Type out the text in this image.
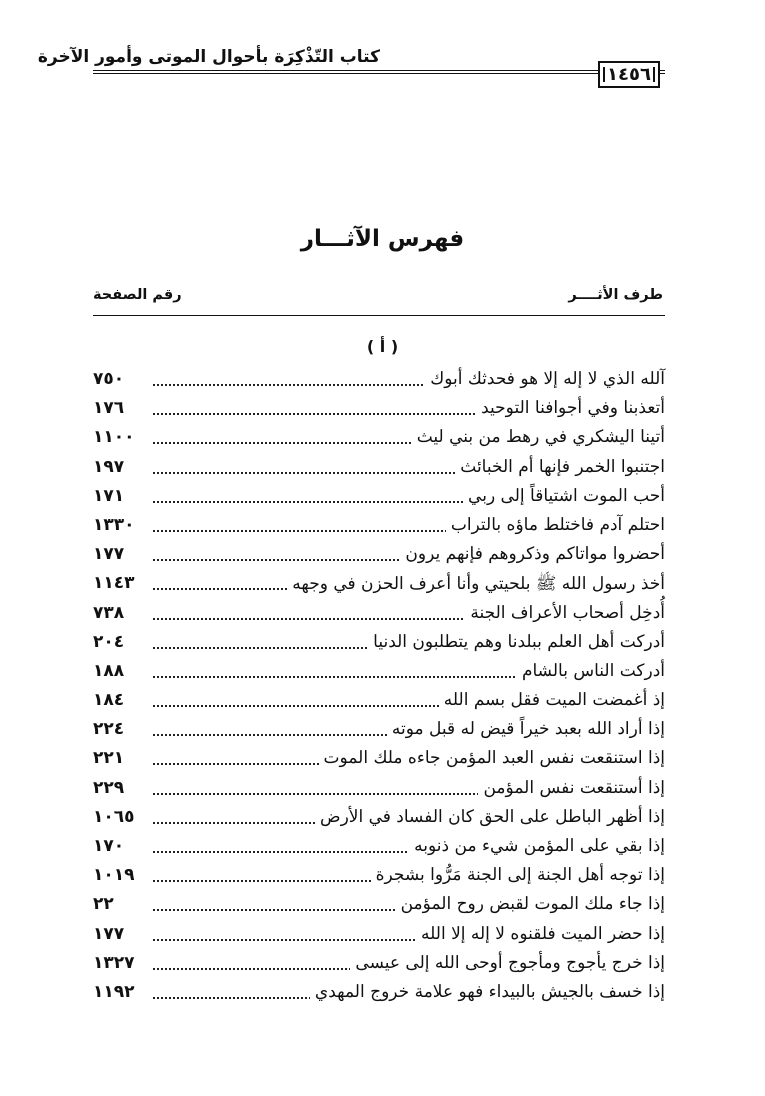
كتاب التّذْكِرَة بأحوال الموتى وأمور الآخرة
١٤٥٦
فهرس الآثـــار
طرف الأثــــر
رقم الصفحة
( أ )
آلله الذي لا إله إلا هو فحدثك أبوك
٧٥٠
أتعذبنا وفي أجوافنا التوحيد
١٧٦
أتينا اليشكري في رهط من بني ليث
١١٠٠
اجتنبوا الخمر فإنها أم الخبائث
١٩٧
أحب الموت اشتياقاً إلى ربي
١٧١
احتلم آدم فاختلط ماؤه بالتراب
١٣٣٠
أحضروا مواتاكم وذكروهم فإنهم يرون
١٧٧
أخذ رسول الله ﷺ بلحيتي وأنا أعرف الحزن في وجهه
١١٤٣
أُدخِل أصحاب الأعراف الجنة
٧٣٨
أدركت أهل العلم ببلدنا وهم يتطلبون الدنيا
٢٠٤
أدركت الناس بالشام
١٨٨
إذ أغمضت الميت فقل بسم الله
١٨٤
إذا أراد الله بعبد خيراً قيض له قبل موته
٢٢٤
إذا استنقعت نفس العبد المؤمن جاءه ملك الموت
٢٢١
إذا أستنقعت نفس المؤمن
٢٢٩
إذا أظهر الباطل على الحق كان الفساد في الأرض
١٠٦٥
إذا بقي على المؤمن شيء من ذنوبه
١٧٠
إذا توجه أهل الجنة إلى الجنة مَرُّوا بشجرة
١٠١٩
إذا جاء ملك الموت لقبض روح المؤمن
٢٢
إذا حضر الميت فلقنوه لا إله إلا الله
١٧٧
إذا خرج يأجوج ومأجوج أوحى الله إلى عيسى
١٣٢٧
إذا خسف بالجيش بالبيداء فهو علامة خروج المهدي
١١٩٢
